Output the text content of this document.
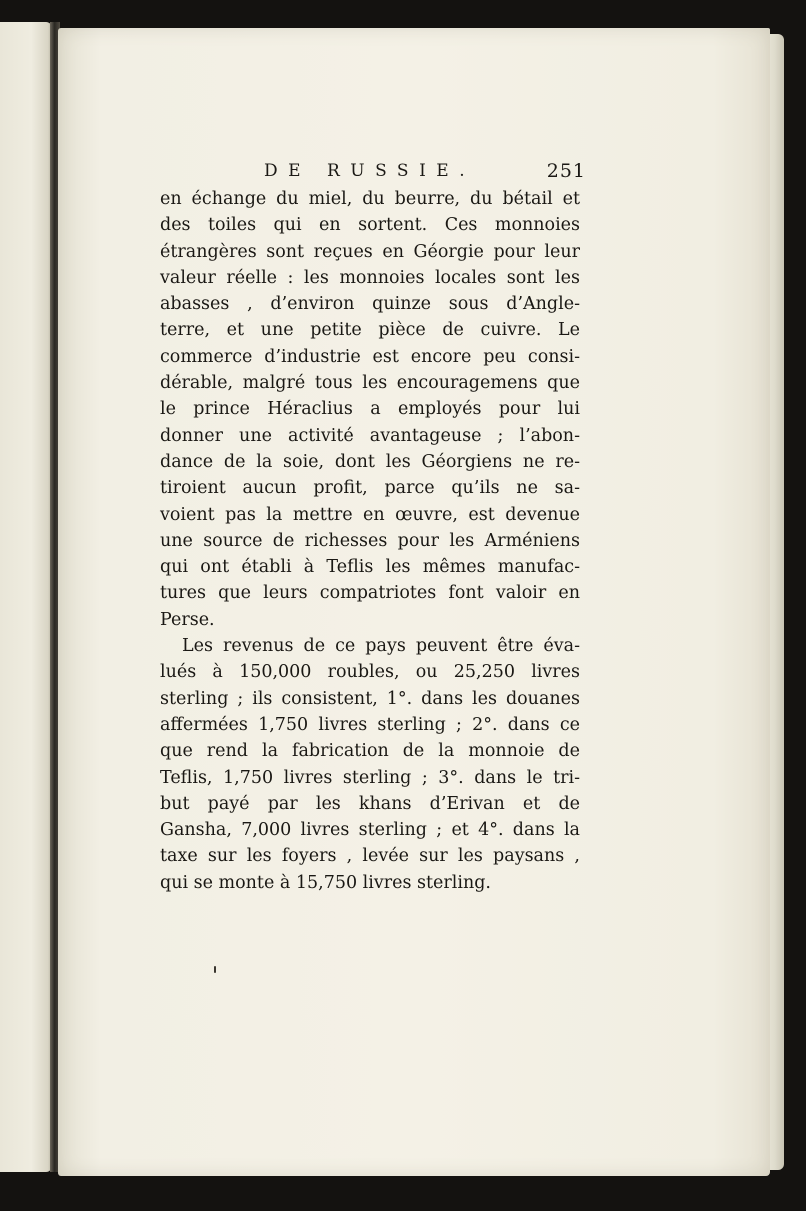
DE RUSSIE.	251
en échange du miel, du beurre, du bétail et
des toiles qui en sortent. Ces monnoies
étrangères sont reçues en Géorgie pour leur
valeur réelle : les monnoies locales sont les
abasses , d’environ quinze sous d’Angle-
terre, et une petite pièce de cuivre. Le
commerce d’industrie est encore peu consi-
dérable, malgré tous les encouragemens que
le prince Héraclius a employés pour lui
donner une activité avantageuse ; l’abon-
dance de la soie, dont les Géorgiens ne re-
tiroient aucun profit, parce qu’ils ne sa-
voient pas la mettre en œuvre, est devenue
une source de richesses pour les Arméniens
qui ont établi à Teflis les mêmes manufac-
tures que leurs compatriotes font valoir en
Perse.
Les revenus de ce pays peuvent être éva-
lués à 150,000 roubles, ou 25,250 livres
sterling ; ils consistent, 1°. dans les douanes
affermées 1,750 livres sterling ; 2°. dans ce
que rend la fabrication de la monnoie de
Teflis, 1,750 livres sterling ; 3°. dans le tri-
but payé par les khans d’Erivan et de
Gansha, 7,000 livres sterling ; et 4°. dans la
taxe sur les foyers , levée sur les paysans ,
qui se monte à 15,750 livres sterling.
